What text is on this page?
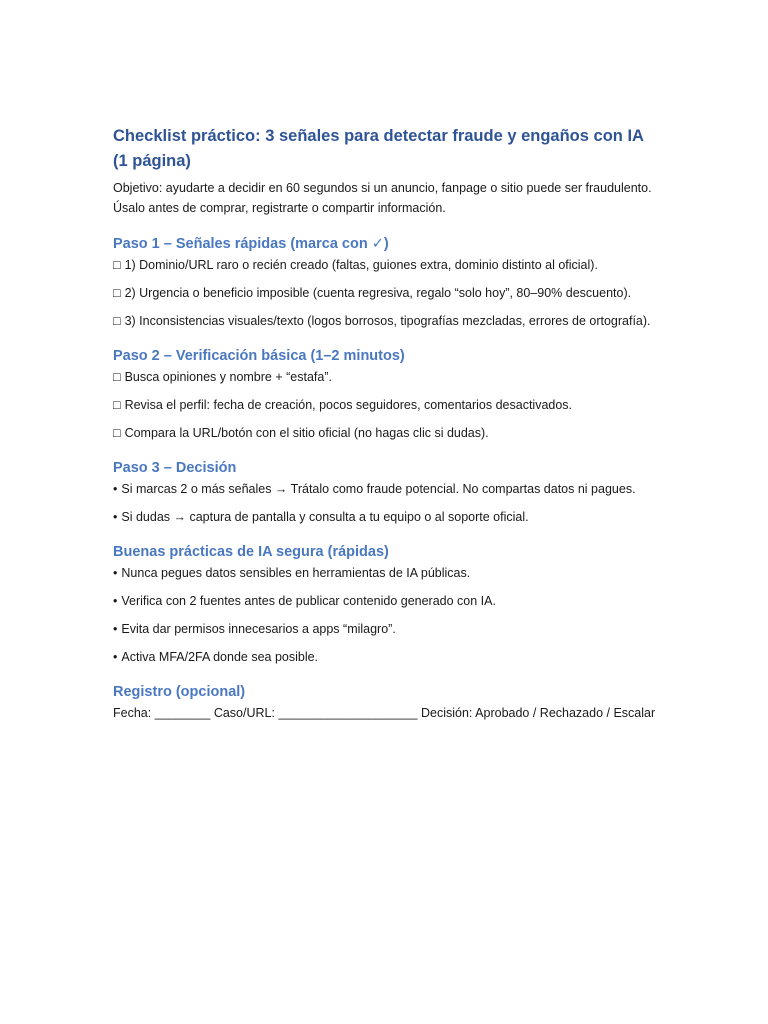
Checklist práctico: 3 señales para detectar fraude y engaños con IA (1 página)

Objetivo: ayudarte a decidir en 60 segundos si un anuncio, fanpage o sitio puede ser fraudulento. Úsalo antes de comprar, registrarte o compartir información.

Paso 1 – Señales rápidas (marca con ✓)

□ 1) Dominio/URL raro o recién creado (faltas, guiones extra, dominio distinto al oficial).

□ 2) Urgencia o beneficio imposible (cuenta regresiva, regalo “solo hoy”, 80–90% descuento).

□ 3) Inconsistencias visuales/texto (logos borrosos, tipografías mezcladas, errores de ortografía).

Paso 2 – Verificación básica (1–2 minutos)

□ Busca opiniones y nombre + “estafa”.

□ Revisa el perfil: fecha de creación, pocos seguidores, comentarios desactivados.

□ Compara la URL/botón con el sitio oficial (no hagas clic si dudas).

Paso 3 – Decisión

• Si marcas 2 o más señales → Trátalo como fraude potencial. No compartas datos ni pagues.

• Si dudas → captura de pantalla y consulta a tu equipo o al soporte oficial.

Buenas prácticas de IA segura (rápidas)

• Nunca pegues datos sensibles en herramientas de IA públicas.

• Verifica con 2 fuentes antes de publicar contenido generado con IA.

• Evita dar permisos innecesarios a apps “milagro”.

• Activa MFA/2FA donde sea posible.

Registro (opcional)

Fecha: ________ Caso/URL: ____________________ Decisión: Aprobado / Rechazado / Escalar
